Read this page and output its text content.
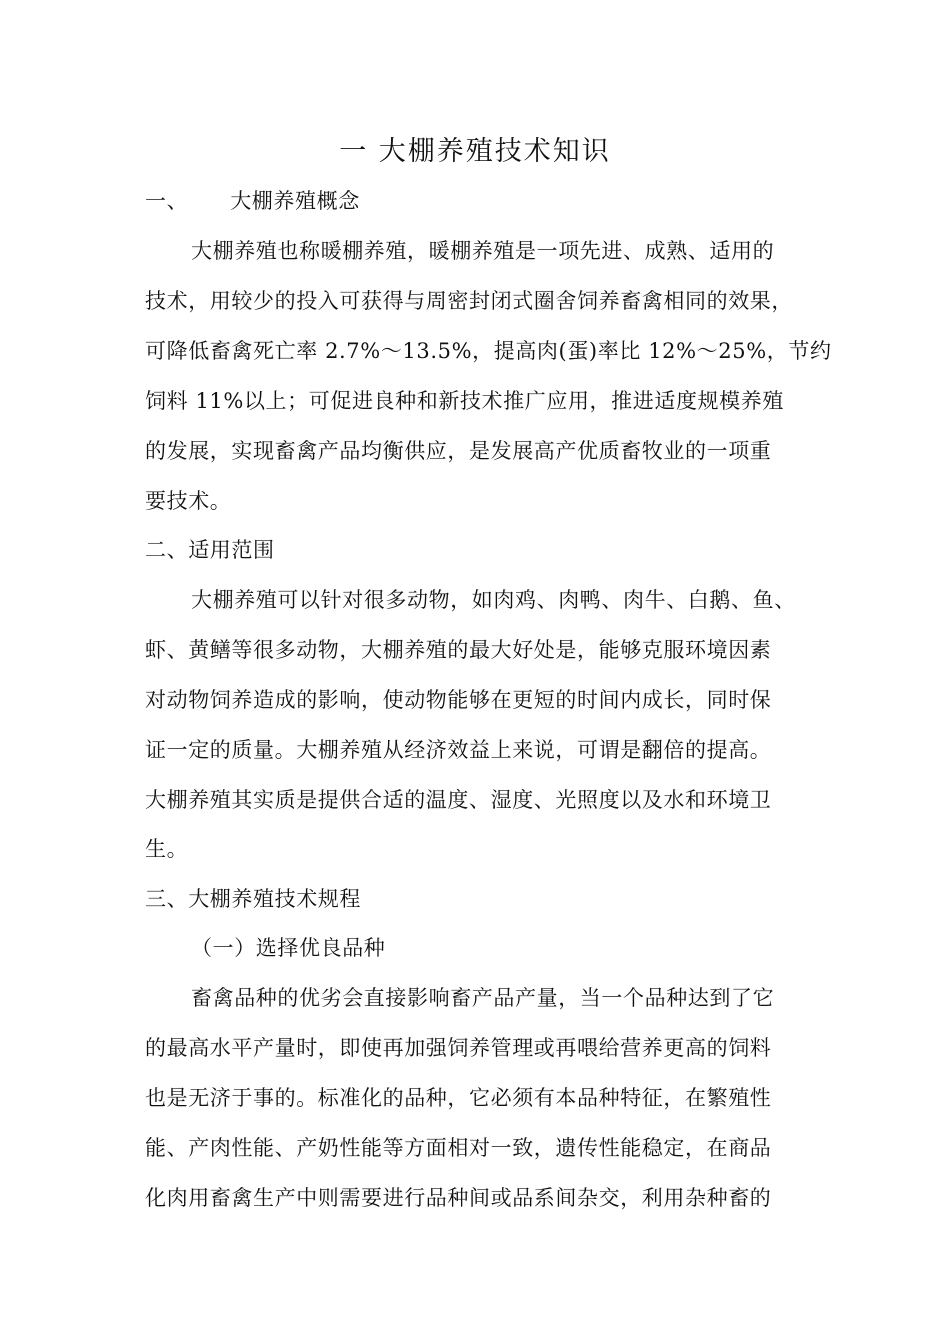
一 大棚养殖技术知识
一、 大棚养殖概念
大棚养殖也称暖棚养殖，暖棚养殖是一项先进、成熟、适用的
技术，用较少的投入可获得与周密封闭式圈舍饲养畜禽相同的效果，
可降低畜禽死亡率 2.7%～13.5%，提高肉(蛋)率比 12%～25%，节约
饲料 11%以上；可促进良种和新技术推广应用，推进适度规模养殖
的发展，实现畜禽产品均衡供应，是发展高产优质畜牧业的一项重
要技术。
二、适用范围
大棚养殖可以针对很多动物，如肉鸡、肉鸭、肉牛、白鹅、鱼、
虾、黄鳝等很多动物，大棚养殖的最大好处是，能够克服环境因素
对动物饲养造成的影响，使动物能够在更短的时间内成长，同时保
证一定的质量。大棚养殖从经济效益上来说，可谓是翻倍的提高。
大棚养殖其实质是提供合适的温度、湿度、光照度以及水和环境卫
生。
三、大棚养殖技术规程
（一）选择优良品种
畜禽品种的优劣会直接影响畜产品产量，当一个品种达到了它
的最高水平产量时，即使再加强饲养管理或再喂给营养更高的饲料
也是无济于事的。标准化的品种，它必须有本品种特征，在繁殖性
能、产肉性能、产奶性能等方面相对一致，遗传性能稳定，在商品
化肉用畜禽生产中则需要进行品种间或品系间杂交，利用杂种畜的
